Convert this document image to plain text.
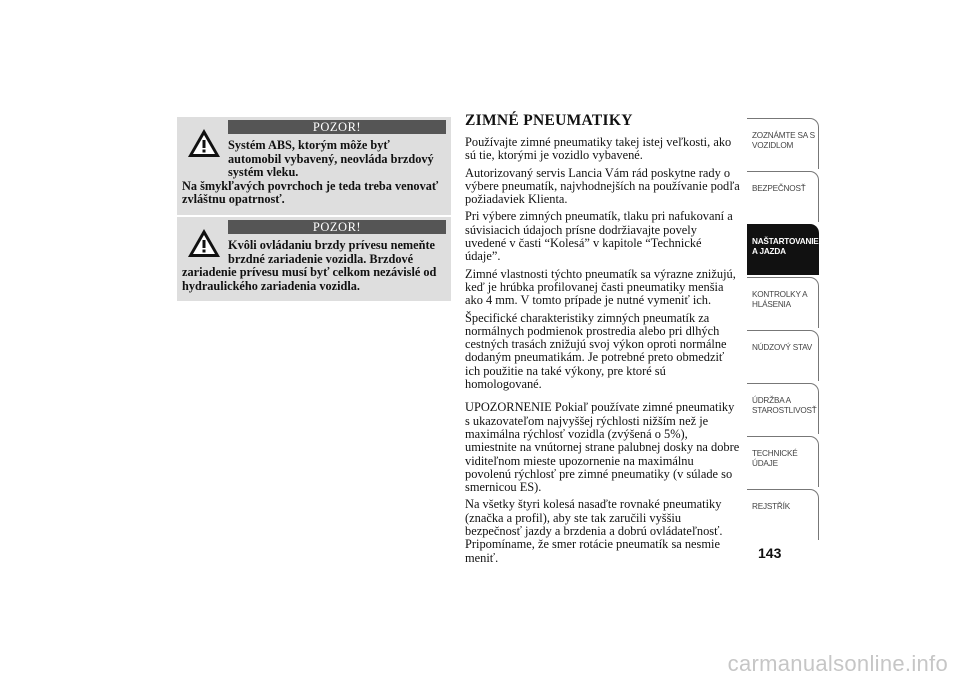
POZOR!
Systém ABS, ktorým môže byť automobil vybavený, neovláda brzdový systém vleku.
Na šmykľavých povrchoch je teda treba venovať zvláštnu opatrnosť.
POZOR!
Kvôli ovládaniu brzdy prívesu nemeňte brzdné zariadenie vozidla. Brzdové
zariadenie prívesu musí byť celkom nezávislé od hydraulického zariadenia vozidla.
ZIMNÉ PNEUMATIKY

Používajte zimné pneumatiky takej istej veľkosti, ako sú tie, ktorými je vozidlo vybavené.

Autorizovaný servis Lancia Vám rád poskytne rady o výbere pneumatík, najvhodnejších na používanie podľa požiadaviek Klienta.

Pri výbere zimných pneumatík, tlaku pri nafukovaní a súvisiacich údajoch prísne dodržiavajte povely uvedené v časti “Kolesá” v kapitole “Technické údaje”.

Zimné vlastnosti týchto pneumatík sa výrazne znižujú, keď je hrúbka profilovanej časti pneumatiky menšia ako 4 mm. V tomto prípade je nutné vymeniť ich.

Špecifické charakteristiky zimných pneumatík za normálnych podmienok prostredia alebo pri dlhých cestných trasách znižujú svoj výkon oproti normálne dodaným pneumatikám. Je potrebné preto obmedziť ich použitie na také výkony, pre ktoré sú homologované.

UPOZORNENIE Pokiaľ používate zimné pneumatiky s ukazovateľom najvyššej rýchlosti nižším než je maximálna rýchlosť vozidla (zvýšená o 5%), umiestnite na vnútornej strane palubnej dosky na dobre viditeľnom mieste upozornenie na maximálnu povolenú rýchlosť pre zimné pneumatiky (v súlade so smernicou ES).

Na všetky štyri kolesá nasaďte rovnaké pneumatiky (značka a profil), aby ste tak zaručili vyššiu bezpečnosť jazdy a brzdenia a dobrú ovládateľnosť. Pripomíname, že smer rotácie pneumatík sa nesmie meniť.

ZOZNÁMTE SA S VOZIDLOM
BEZPEČNOSŤ
NAŠTARTOVANIE A JAZDA
KONTROLKY A HLÁSENIA
NÚDZOVÝ STAV
ÚDRŽBA A STAROSTLIVOSŤ
TECHNICKÉ ÚDAJE
REJSTŘÍK
143
carmanualsonline.info
